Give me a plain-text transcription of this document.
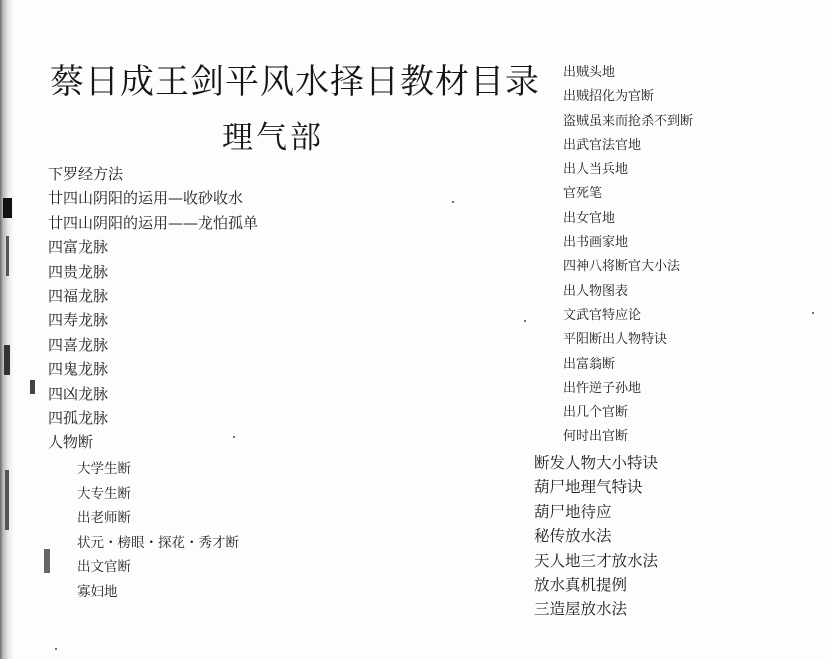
蔡日成王剑平风水择日教材目录
理气部
下罗经方法
廿四山阴阳的运用—收砂收水
廿四山阴阳的运用——龙怕孤单
四富龙脉
四贵龙脉
四福龙脉
四寿龙脉
四喜龙脉
四鬼龙脉
四凶龙脉
四孤龙脉
人物断
大学生断
大专生断
出老师断
状元・榜眼・探花・秀才断
出文官断
寡妇地
出贼头地
出贼招化为官断
盗贼虽来而抢杀不到断
出武官法官地
出人当兵地
官死笔
出女官地
出书画家地
四神八将断官大小法
出人物图表
文武官特应论
平阳断出人物特诀
出富翁断
出忤逆子孙地
出几个官断
何时出官断
断发人物大小特诀
葫尸地理气特诀
葫尸地待应
秘传放水法
天人地三才放水法
放水真机提例
三造屋放水法
